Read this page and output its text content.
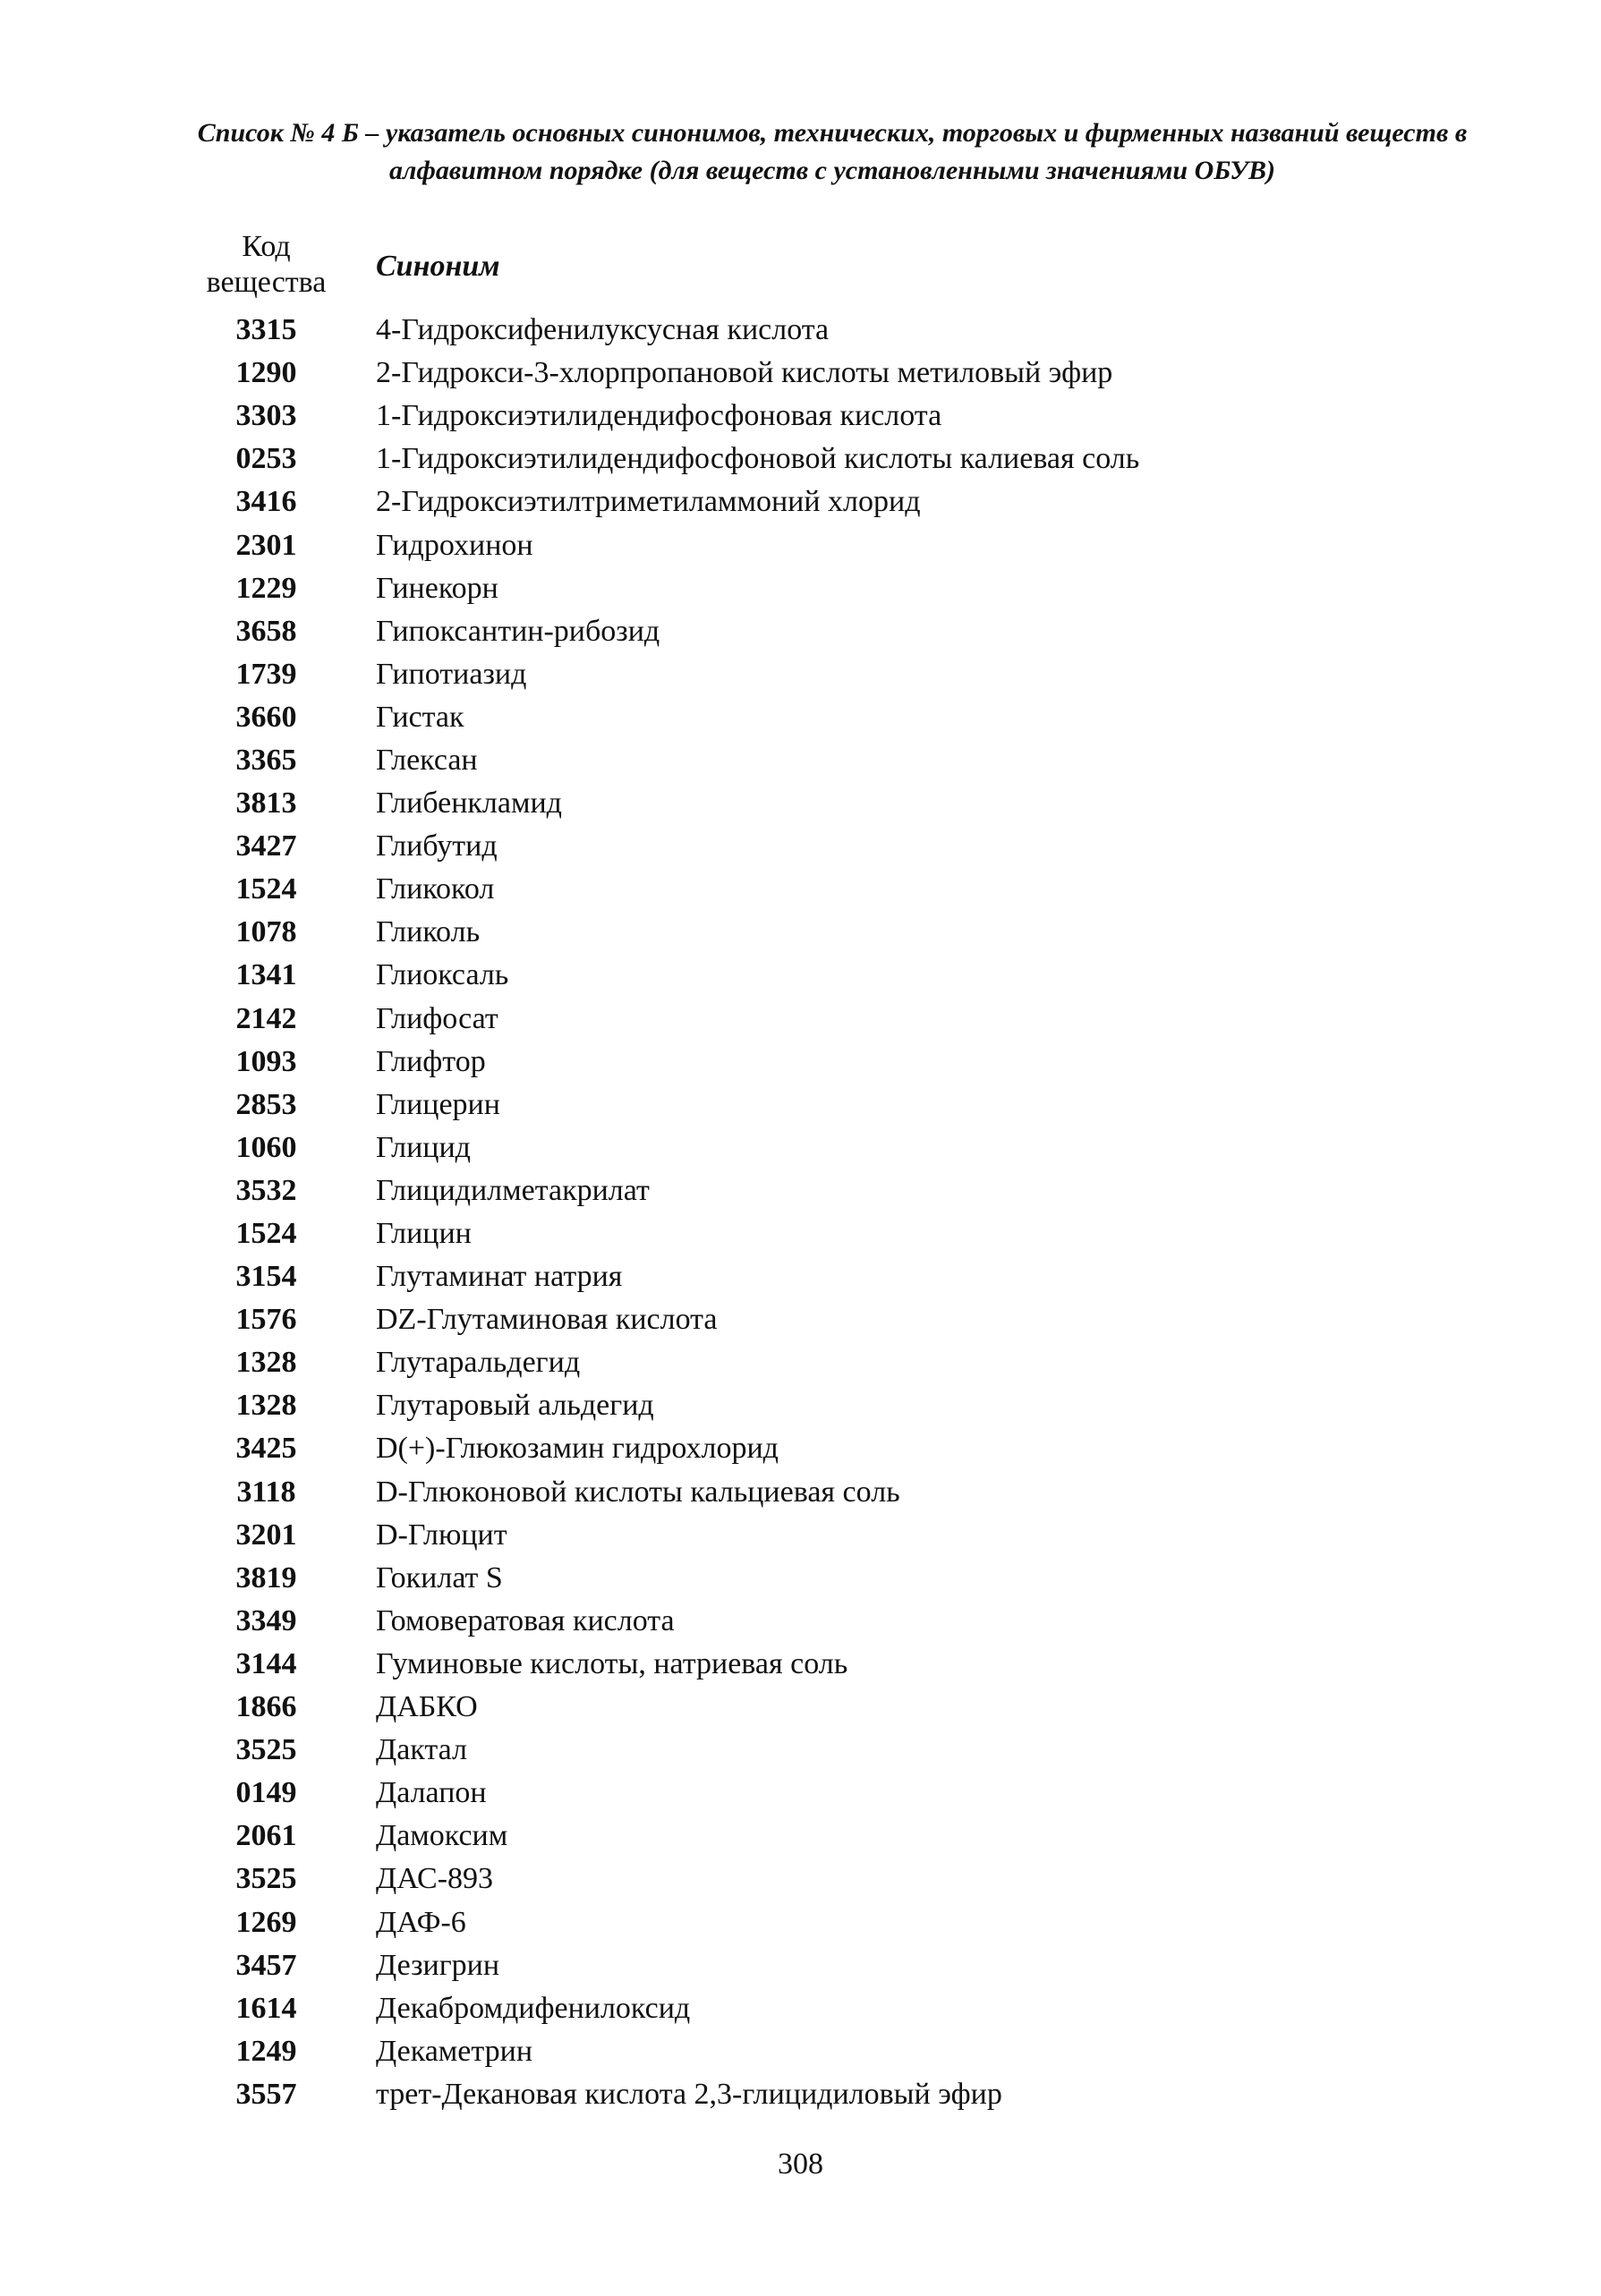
Список № 4 Б – указатель основных синонимов, технических, торговых и фирменных названий веществ в
алфавитном порядке (для веществ с установленными значениями ОБУВ)
Код
вещества	Синоним
3315	4-Гидроксифенилуксусная кислота
1290	2-Гидрокси-3-хлорпропановой кислоты метиловый эфир
3303	1-Гидроксиэтилидендифосфоновая кислота
0253	1-Гидроксиэтилидендифосфоновой кислоты калиевая соль
3416	2-Гидроксиэтилтриметиламмоний хлорид
2301	Гидрохинон
1229	Гинекорн
3658	Гипоксантин-рибозид
1739	Гипотиазид
3660	Гистак
3365	Глексан
3813	Глибенкламид
3427	Глибутид
1524	Гликокол
1078	Гликоль
1341	Глиоксаль
2142	Глифосат
1093	Глифтор
2853	Глицерин
1060	Глицид
3532	Глицидилметакрилат
1524	Глицин
3154	Глутаминат натрия
1576	DZ-Глутаминовая кислота
1328	Глутаральдегид
1328	Глутаровый альдегид
3425	D(+)-Глюкозамин гидрохлорид
3118	D-Глюконовой кислоты кальциевая соль
3201	D-Глюцит
3819	Гокилат S
3349	Гомовератовая кислота
3144	Гуминовые кислоты, натриевая соль
1866	ДАБКО
3525	Дактал
0149	Далапон
2061	Дамоксим
3525	ДАС-893
1269	ДАФ-6
3457	Дезигрин
1614	Декабромдифенилоксид
1249	Декаметрин
3557	трет-Декановая кислота 2,3-глицидиловый эфир
308
